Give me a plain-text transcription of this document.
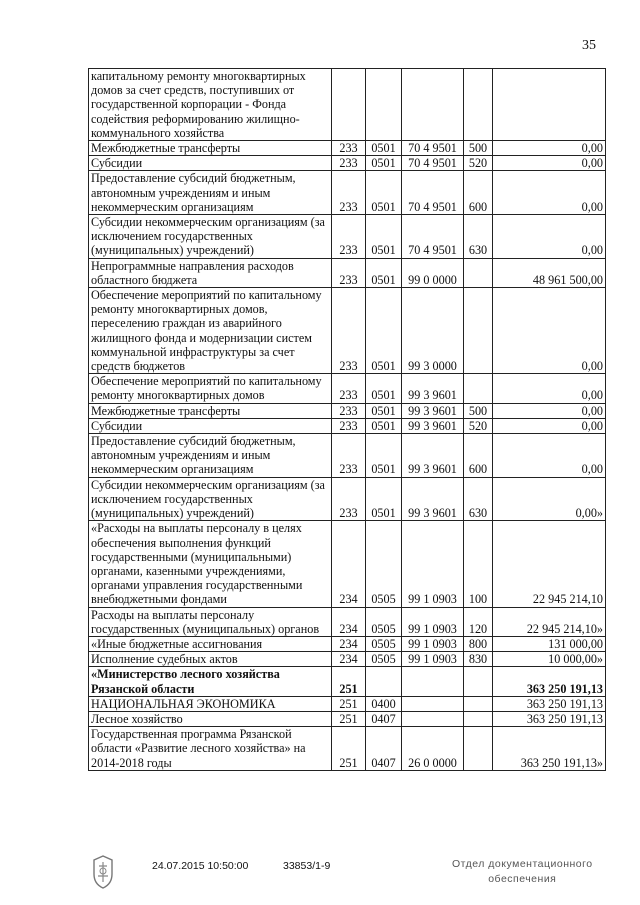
35
капитальному ремонту многоквартирных домов за счет средств, поступивших от государственной корпорации - Фонда содействия реформированию жилищно-коммунального хозяйства					
Межбюджетные трансферты	233	0501	70 4 9501	500	0,00
Субсидии	233	0501	70 4 9501	520	0,00
Предоставление субсидий бюджетным, автономным учреждениям и иным некоммерческим организациям	233	0501	70 4 9501	600	0,00
Субсидии некоммерческим организациям (за исключением государственных (муниципальных) учреждений)	233	0501	70 4 9501	630	0,00
Непрограммные направления расходов областного бюджета	233	0501	99 0 0000		48 961 500,00
Обеспечение мероприятий по капитальному ремонту многоквартирных домов, переселению граждан из аварийного жилищного фонда и модернизации систем коммунальной инфраструктуры за счет средств бюджетов	233	0501	99 3 0000		0,00
Обеспечение мероприятий по капитальному ремонту многоквартирных домов	233	0501	99 3 9601		0,00
Межбюджетные трансферты	233	0501	99 3 9601	500	0,00
Субсидии	233	0501	99 3 9601	520	0,00
Предоставление субсидий бюджетным, автономным учреждениям и иным некоммерческим организациям	233	0501	99 3 9601	600	0,00
Субсидии некоммерческим организациям (за исключением государственных (муниципальных) учреждений)	233	0501	99 3 9601	630	0,00»
«Расходы на выплаты персоналу в целях обеспечения выполнения функций государственными (муниципальными) органами, казенными учреждениями, органами управления государственными внебюджетными фондами	234	0505	99 1 0903	100	22 945 214,10
Расходы на выплаты персоналу государственных (муниципальных) органов	234	0505	99 1 0903	120	22 945 214,10»
«Иные бюджетные ассигнования	234	0505	99 1 0903	800	131 000,00
Исполнение судебных актов	234	0505	99 1 0903	830	10 000,00»
«Министерство лесного хозяйства Рязанской области	251				363 250 191,13
НАЦИОНАЛЬНАЯ ЭКОНОМИКА	251	0400			363 250 191,13
Лесное хозяйство	251	0407			363 250 191,13
Государственная программа Рязанской области «Развитие лесного хозяйства» на 2014-2018 годы	251	0407	26 0 0000		363 250 191,13»
24.07.2015 10:50:00	33853/1-9	Отдел документационного
обеспечения
